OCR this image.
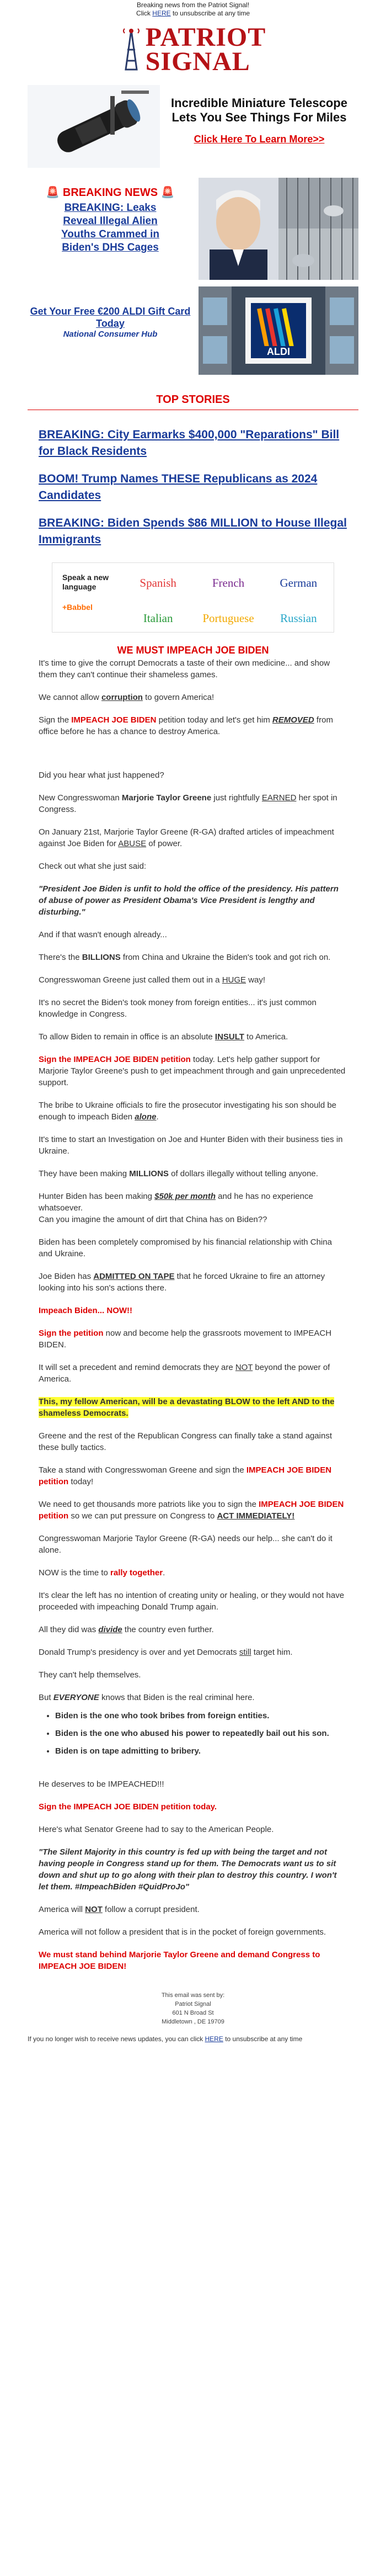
Breaking news from the Patriot Signal!
Click HERE to unsubscribe at any time
PATRIOT
SIGNAL
Incredible Miniature Telescope Lets You See Things For Miles
Click Here To Learn More>>
🚨 BREAKING NEWS 🚨
BREAKING: Leaks Reveal Illegal Alien Youths Crammed in Biden's DHS Cages
Get Your Free €200 ALDI Gift Card Today
National Consumer Hub
ALDI
TOP STORIES
BREAKING: City Earmarks $400,000 "Reparations" Bill for Black Residents
BOOM! Trump Names THESE Republicans as 2024 Candidates
BREAKING: Biden Spends $86 MILLION to House Illegal Immigrants
Speak a new language
+Babbel
Spanish	French	German
Italian	Portuguese	Russian
WE MUST IMPEACH JOE BIDEN

It's time to give the corrupt Democrats a taste of their own medicine... and show them they can't continue their shameless games.

We cannot allow corruption to govern America!

Sign the IMPEACH JOE BIDEN petition today and let's get him REMOVED from office before he has a chance to destroy America.

Did you hear what just happened?

New Congresswoman Marjorie Taylor Greene just rightfully EARNED her spot in Congress.

On January 21st, Marjorie Taylor Greene (R-GA) drafted articles of impeachment against Joe Biden for ABUSE of power.

Check out what she just said:

"President Joe Biden is unfit to hold the office of the presidency. His pattern of abuse of power as President Obama's Vice President is lengthy and disturbing."

And if that wasn't enough already...

There's the BILLIONS from China and Ukraine the Biden's took and got rich on.

Congresswoman Greene just called them out in a HUGE way!

It's no secret the Biden's took money from foreign entities... it's just common knowledge in Congress.

To allow Biden to remain in office is an absolute INSULT to America.

Sign the IMPEACH JOE BIDEN petition today. Let's help gather support for Marjorie Taylor Greene's push to get impeachment through and gain unprecedented support.

The bribe to Ukraine officials to fire the prosecutor investigating his son should be enough to impeach Biden alone.

It's time to start an Investigation on Joe and Hunter Biden with their business ties in Ukraine.

They have been making MILLIONS of dollars illegally without telling anyone.

Hunter Biden has been making $50k per month and he has no experience whatsoever.
Can you imagine the amount of dirt that China has on Biden??

Biden has been completely compromised by his financial relationship with China and Ukraine.

Joe Biden has ADMITTED ON TAPE that he forced Ukraine to fire an attorney looking into his son's actions there.

Impeach Biden... NOW!!

Sign the petition now and become help the grassroots movement to IMPEACH BIDEN.

It will set a precedent and remind democrats they are NOT beyond the power of America.

This, my fellow American, will be a devastating BLOW to the left AND to the shameless Democrats.

Greene and the rest of the Republican Congress can finally take a stand against these bully tactics.

Take a stand with Congresswoman Greene and sign the IMPEACH JOE BIDEN petition today!

We need to get thousands more patriots like you to sign the IMPEACH JOE BIDEN petition so we can put pressure on Congress to ACT IMMEDIATELY!

Congresswoman Marjorie Taylor Greene (R-GA) needs our help... she can't do it alone.

NOW is the time to rally together.

It's clear the left has no intention of creating unity or healing, or they would not have proceeded with impeaching Donald Trump again.

All they did was divide the country even further.

Donald Trump's presidency is over and yet Democrats still target him.

They can't help themselves.

But EVERYONE knows that Biden is the real criminal here.

• Biden is the one who took bribes from foreign entities.
• Biden is the one who abused his power to repeatedly bail out his son.
• Biden is on tape admitting to bribery.

He deserves to be IMPEACHED!!!

Sign the IMPEACH JOE BIDEN petition today.

Here's what Senator Greene had to say to the American People.

"The Silent Majority in this country is fed up with being the target and not having people in Congress stand up for them. The Democrats want us to sit down and shut up to go along with their plan to destroy this country. I won't let them. #ImpeachBiden #QuidProJo"

America will NOT follow a corrupt president.

America will not follow a president that is in the pocket of foreign governments.

We must stand behind Marjorie Taylor Greene and demand Congress to IMPEACH JOE BIDEN!

This email was sent by:
Patriot Signal
601 N Broad St
Middletown , DE 19709
If you no longer wish to receive news updates, you can click HERE to unsubscribe at any time
